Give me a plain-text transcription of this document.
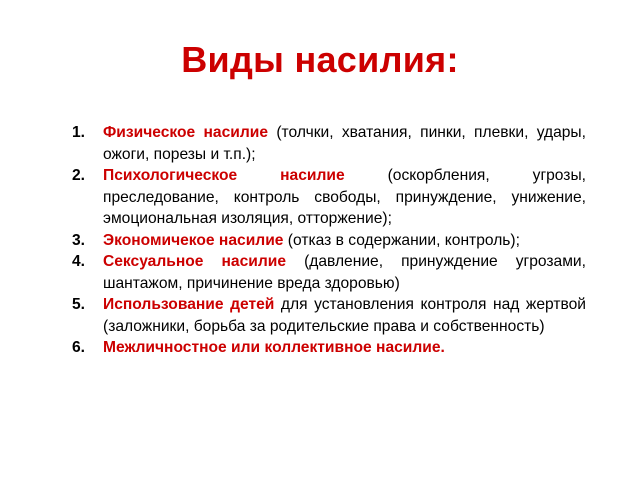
Виды насилия:
1. Физическое насилие (толчки, хватания, пинки, плевки, удары, ожоги, порезы и т.п.);
2. Психологическое насилие	(оскорбления, угрозы, преследование, контроль свободы, принуждение, унижение, эмоциональная изоляция, отторжение);
3. Экономичекое насилие (отказ в содержании, контроль);
4. Сексуальное насилие (давление, принуждение угрозами, шантажом, причинение вреда здоровью)
5. Использование детей для установления контроля над жертвой (заложники, борьба за родительские права и собственность)
6. Межличностное или коллективное насилие.
